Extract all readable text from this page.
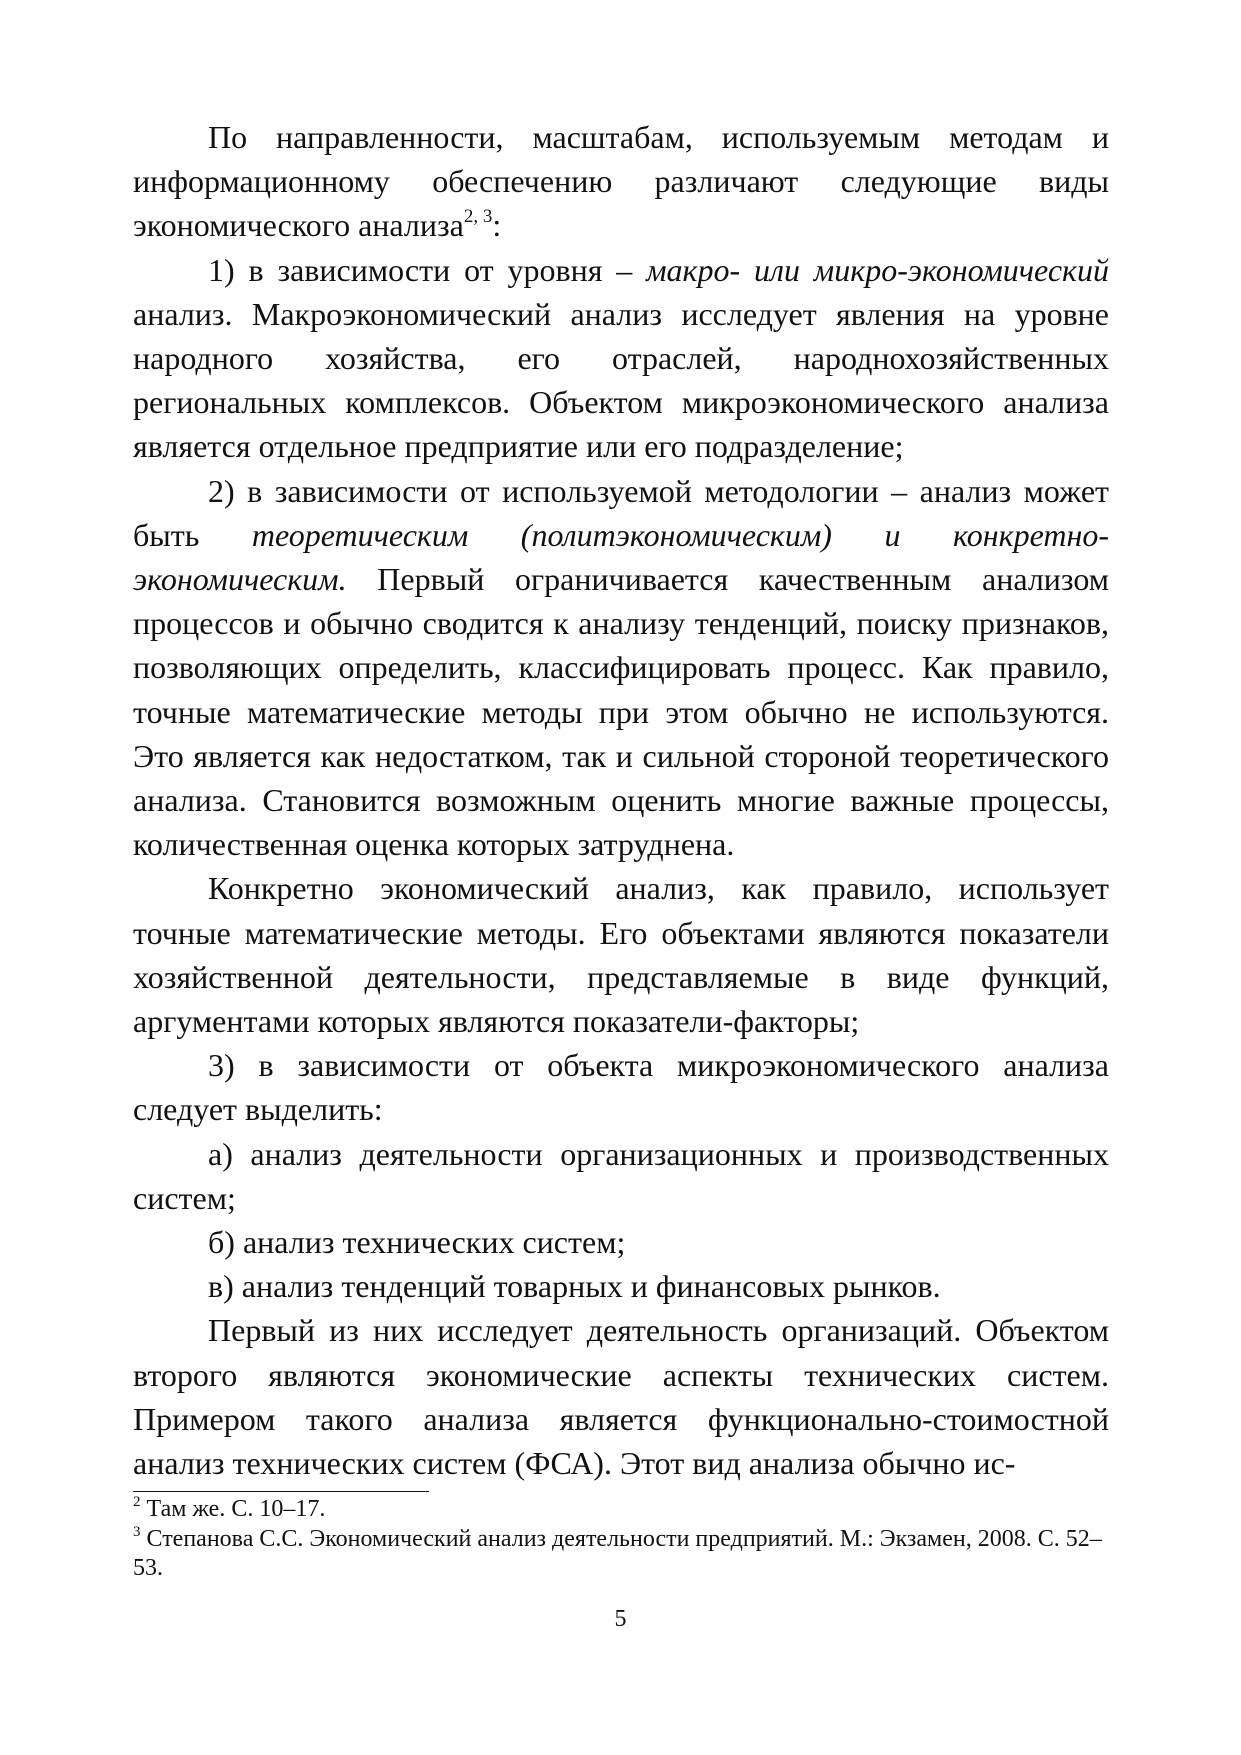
По направленности, масштабам, используемым методам и информационному обеспечению различают следующие виды экономического анализа$^{2, 3}$:

1) в зависимости от уровня – макро- или микро-экономический анализ. Макроэкономический анализ исследует явления на уровне народного хозяйства, его отраслей, народнохозяйственных региональных комплексов. Объектом микроэкономического анализа является отдельное предприятие или его подразделение;

2) в зависимости от используемой методологии – анализ может быть теоретическим (политэкономическим) и конкретно-экономическим. Первый ограничивается качественным анализом процессов и обычно сводится к анализу тенденций, поиску признаков, позволяющих определить, классифицировать процесс. Как правило, точные математические методы при этом обычно не используются. Это является как недостатком, так и сильной стороной теоретического анализа. Становится возможным оценить многие важные процессы, количественная оценка которых затруднена.

Конкретно экономический анализ, как правило, использует точные математические методы. Его объектами являются показатели хозяйственной деятельности, представляемые в виде функций, аргументами которых являются показатели-факторы;

3) в зависимости от объекта микроэкономического анализа следует выделить:

а) анализ деятельности организационных и производственных систем;

б) анализ технических систем;

в) анализ тенденций товарных и финансовых рынков.

Первый из них исследует деятельность организаций. Объектом второго являются экономические аспекты технических систем. Примером такого анализа является функционально-стоимостной анализ технических систем (ФСА). Этот вид анализа обычно ис-

$^2$ Там же. С. 10–17.

$^3$ Степанова С.С. Экономический анализ деятельности предприятий. М.: Экзамен, 2008. С. 52–53.

5
